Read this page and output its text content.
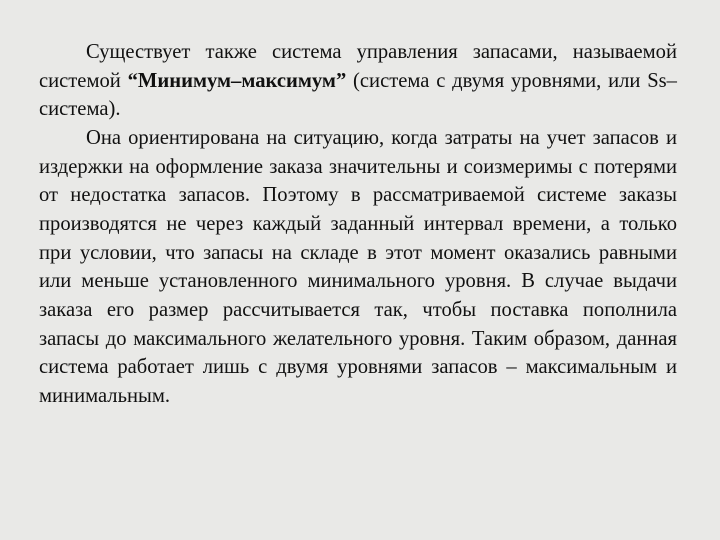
Существует также система управления запасами, называемой системой “Минимум–максимум” (система с двумя уровнями, или Ss–система).

Она ориентирована на ситуацию, когда затраты на учет запасов и издержки на оформление заказа значительны и соизмеримы с потерями от недостатка запасов. Поэтому в рассматриваемой системе заказы производятся не через каждый заданный интервал времени, а только при условии, что запасы на складе в этот момент оказались равными или меньше установленного минимального уровня. В случае выдачи заказа его размер рассчитывается так, чтобы поставка пополнила запасы до максимального желательного уровня. Таким образом, данная система работает лишь с двумя уровнями запасов – максимальным и минимальным.
